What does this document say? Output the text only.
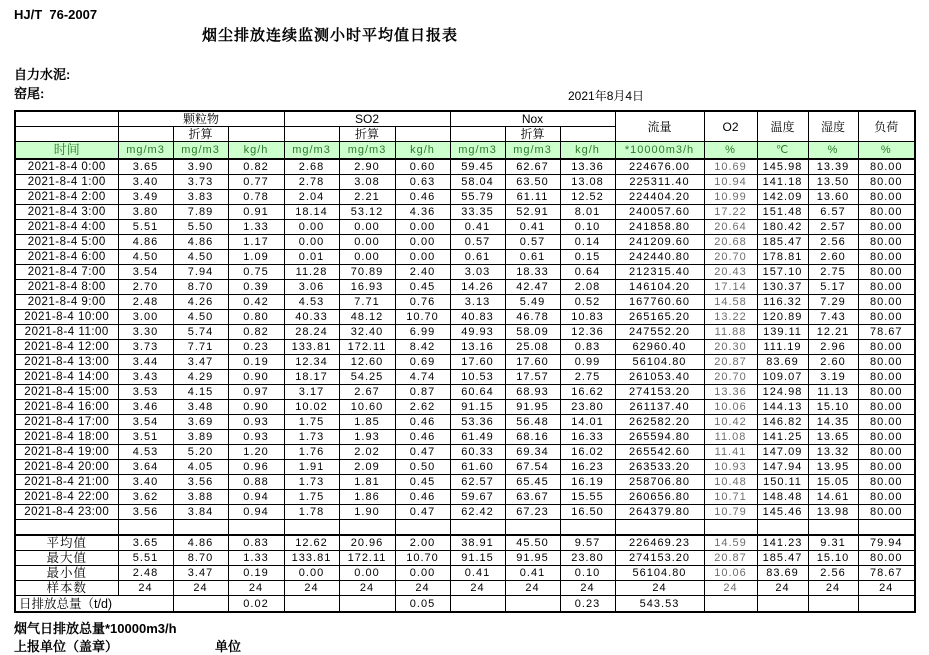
HJ/T  76-2007
烟尘排放连续监测小时平均值日报表
自力水泥:
窑尾:	2021年8月4日
	颗粒物			SO2			Nox			流量	O2	温度	湿度	负荷
		折算			折算			折算						
时间	mg/m3	mg/m3	kg/h	mg/m3	mg/m3	kg/h	mg/m3	mg/m3	kg/h	*10000m3/h	%	℃	%	%
2021-8-4 0:00	3.65	3.90	0.82	2.68	2.90	0.60	59.45	62.67	13.36	224676.00	10.69	145.98	13.39	80.00
2021-8-4 1:00	3.40	3.73	0.77	2.78	3.08	0.63	58.04	63.50	13.08	225311.40	10.94	141.18	13.50	80.00
2021-8-4 2:00	3.49	3.83	0.78	2.04	2.21	0.46	55.79	61.11	12.52	224404.20	10.99	142.09	13.60	80.00
2021-8-4 3:00	3.80	7.89	0.91	18.14	53.12	4.36	33.35	52.91	8.01	240057.60	17.22	151.48	6.57	80.00
2021-8-4 4:00	5.51	5.50	1.33	0.00	0.00	0.00	0.41	0.41	0.10	241858.80	20.64	180.42	2.57	80.00
2021-8-4 5:00	4.86	4.86	1.17	0.00	0.00	0.00	0.57	0.57	0.14	241209.60	20.68	185.47	2.56	80.00
2021-8-4 6:00	4.50	4.50	1.09	0.01	0.00	0.00	0.61	0.61	0.15	242440.80	20.70	178.81	2.60	80.00
2021-8-4 7:00	3.54	7.94	0.75	11.28	70.89	2.40	3.03	18.33	0.64	212315.40	20.43	157.10	2.75	80.00
2021-8-4 8:00	2.70	8.70	0.39	3.06	16.93	0.45	14.26	42.47	2.08	146104.20	17.14	130.37	5.17	80.00
2021-8-4 9:00	2.48	4.26	0.42	4.53	7.71	0.76	3.13	5.49	0.52	167760.60	14.58	116.32	7.29	80.00
2021-8-4 10:00	3.00	4.50	0.80	40.33	48.12	10.70	40.83	46.78	10.83	265165.20	13.22	120.89	7.43	80.00
2021-8-4 11:00	3.30	5.74	0.82	28.24	32.40	6.99	49.93	58.09	12.36	247552.20	11.88	139.11	12.21	78.67
2021-8-4 12:00	3.73	7.71	0.23	133.81	172.11	8.42	13.16	25.08	0.83	62960.40	20.30	111.19	2.96	80.00
2021-8-4 13:00	3.44	3.47	0.19	12.34	12.60	0.69	17.60	17.60	0.99	56104.80	20.87	83.69	2.60	80.00
2021-8-4 14:00	3.43	4.29	0.90	18.17	54.25	4.74	10.53	17.57	2.75	261053.40	20.70	109.07	3.19	80.00
2021-8-4 15:00	3.53	4.15	0.97	3.17	2.67	0.87	60.64	68.93	16.62	274153.20	13.36	124.98	11.13	80.00
2021-8-4 16:00	3.46	3.48	0.90	10.02	10.60	2.62	91.15	91.95	23.80	261137.40	10.06	144.13	15.10	80.00
2021-8-4 17:00	3.54	3.69	0.93	1.75	1.85	0.46	53.36	56.48	14.01	262582.20	10.42	146.82	14.35	80.00
2021-8-4 18:00	3.51	3.89	0.93	1.73	1.93	0.46	61.49	68.16	16.33	265594.80	11.08	141.25	13.65	80.00
2021-8-4 19:00	4.53	5.20	1.20	1.76	2.02	0.47	60.33	69.34	16.02	265542.60	11.41	147.09	13.32	80.00
2021-8-4 20:00	3.64	4.05	0.96	1.91	2.09	0.50	61.60	67.54	16.23	263533.20	10.93	147.94	13.95	80.00
2021-8-4 21:00	3.40	3.56	0.88	1.73	1.81	0.45	62.57	65.45	16.19	258706.80	10.48	150.11	15.05	80.00
2021-8-4 22:00	3.62	3.88	0.94	1.75	1.86	0.46	59.67	63.67	15.55	260656.80	10.71	148.48	14.61	80.00
2021-8-4 23:00	3.56	3.84	0.94	1.78	1.90	0.47	62.42	67.23	16.50	264379.80	10.79	145.46	13.98	80.00

平均值	3.65	4.86	0.83	12.62	20.96	2.00	38.91	45.50	9.57	226469.23	14.59	141.23	9.31	79.94
最大值	5.51	8.70	1.33	133.81	172.11	10.70	91.15	91.95	23.80	274153.20	20.87	185.47	15.10	80.00
最小值	2.48	3.47	0.19	0.00	0.00	0.00	0.41	0.41	0.10	56104.80	10.06	83.69	2.56	78.67
样本数	24	24	24	24	24	24	24	24	24	24	24	24	24	24
日排放总量（t/d)			0.02			0.05			0.23	543.53				
烟气日排放总量*10000m3/h
上报单位（盖章）	单位
